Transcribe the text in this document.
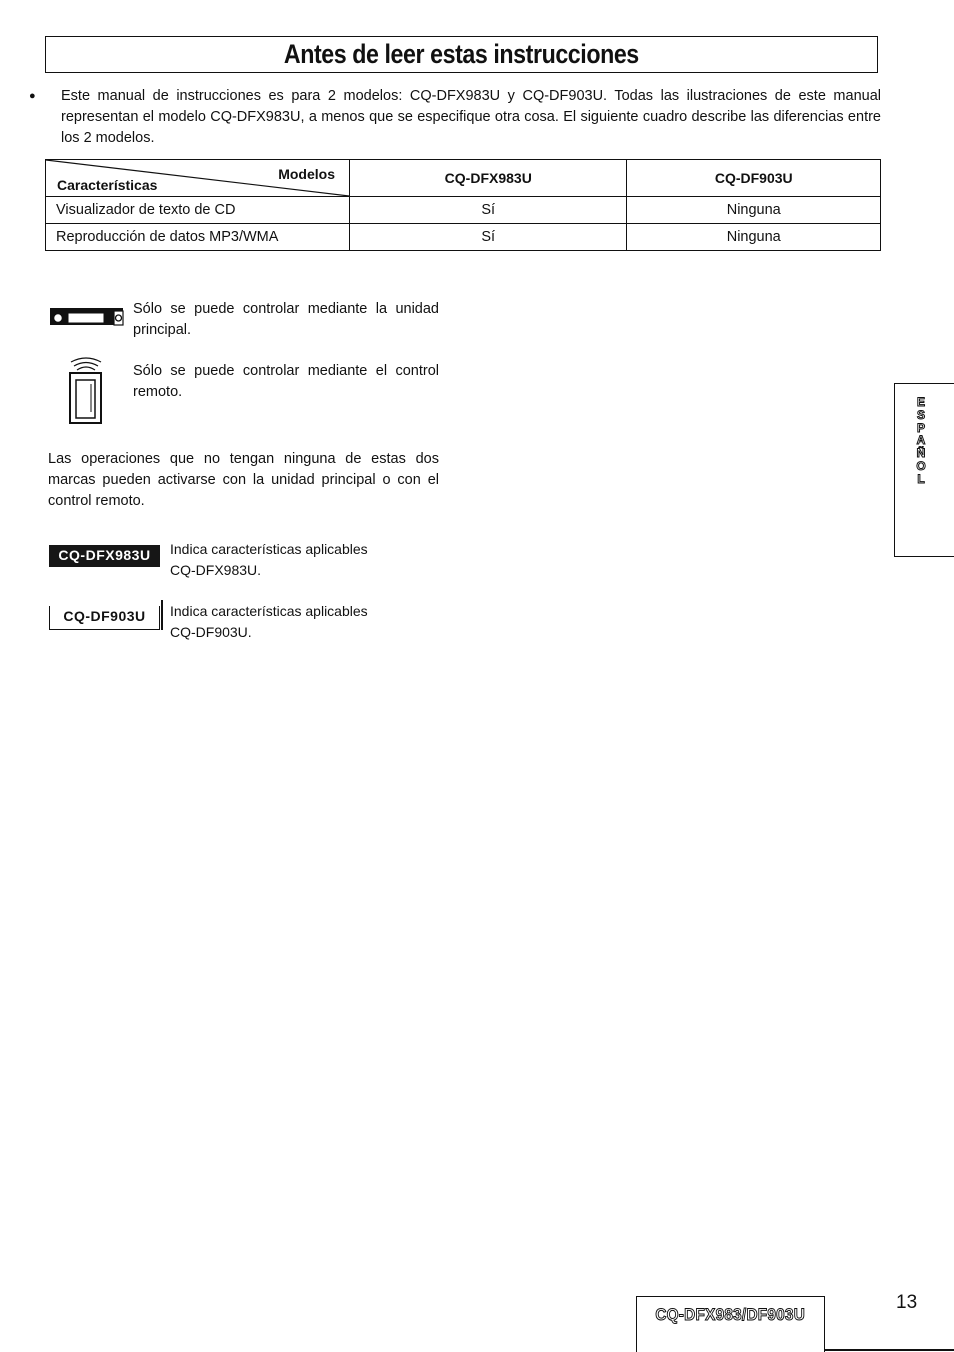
Antes de leer estas instrucciones
● Este manual de instrucciones es para 2 modelos: CQ-DFX983U y CQ-DF903U. Todas las ilustraciones de este manual representan el modelo CQ-DFX983U, a menos que se especifique otra cosa. El siguiente cuadro describe las diferencias entre los 2 modelos.
Modelos
Características	CQ-DFX983U	CQ-DF903U
Visualizador de texto de CD	Sí	Ninguna
Reproducción de datos MP3/WMA	Sí	Ninguna
Sólo se puede controlar mediante la unidad principal.
Sólo se puede controlar mediante el control remoto.
Las operaciones que no tengan ninguna de estas dos marcas pueden activarse con la unidad principal o con el control remoto.
CQ-DFX983U	Indica características aplicables
CQ-DFX983U.
CQ-DF903U	Indica características aplicables
CQ-DF903U.
E
S
P
A
Ñ
O
L
CQ-DFX983/DF903U
13
